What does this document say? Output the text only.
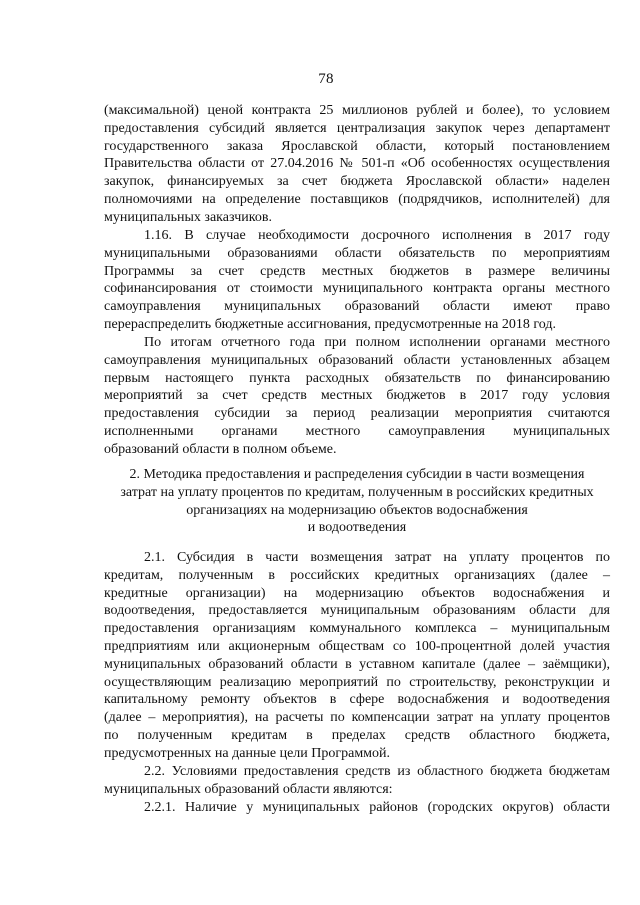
78
(максимальной) ценой контракта 25 миллионов рублей и более), то условием
предоставления субсидий является централизация закупок через департамент
государственного заказа Ярославской области, который постановлением
Правительства области от 27.04.2016 № 501-п «Об особенностях осуществления
закупок, финансируемых за счет бюджета Ярославской области» наделен
полномочиями на определение поставщиков (подрядчиков, исполнителей) для
муниципальных заказчиков.
1.16. В случае необходимости досрочного исполнения в 2017 году
муниципальными образованиями области обязательств по мероприятиям
Программы за счет средств местных бюджетов в размере величины
софинансирования от стоимости муниципального контракта органы местного
самоуправления муниципальных образований области имеют право
перераспределить бюджетные ассигнования, предусмотренные на 2018 год.
По итогам отчетного года при полном исполнении органами местного
самоуправления муниципальных образований области установленных абзацем
первым настоящего пункта расходных обязательств по финансированию
мероприятий за счет средств местных бюджетов в 2017 году условия
предоставления субсидии за период реализации мероприятия считаются
исполненными органами местного самоуправления муниципальных
образований области в полном объеме.
2. Методика предоставления и распределения субсидии в части возмещения
затрат на уплату процентов по кредитам, полученным в российских кредитных
организациях на модернизацию объектов водоснабжения
и водоотведения
2.1. Субсидия в части возмещения затрат на уплату процентов по
кредитам, полученным в российских кредитных организациях (далее –
кредитные организации) на модернизацию объектов водоснабжения и
водоотведения, предоставляется муниципальным образованиям области для
предоставления организациям коммунального комплекса – муниципальным
предприятиям или акционерным обществам со 100-процентной долей участия
муниципальных образований области в уставном капитале (далее – заёмщики),
осуществляющим реализацию мероприятий по строительству, реконструкции и
капитальному ремонту объектов в сфере водоснабжения и водоотведения
(далее – мероприятия), на расчеты по компенсации затрат на уплату процентов
по полученным кредитам в пределах средств областного бюджета,
предусмотренных на данные цели Программой.
2.2. Условиями предоставления средств из областного бюджета бюджетам
муниципальных образований области являются:
2.2.1. Наличие у муниципальных районов (городских округов) области
